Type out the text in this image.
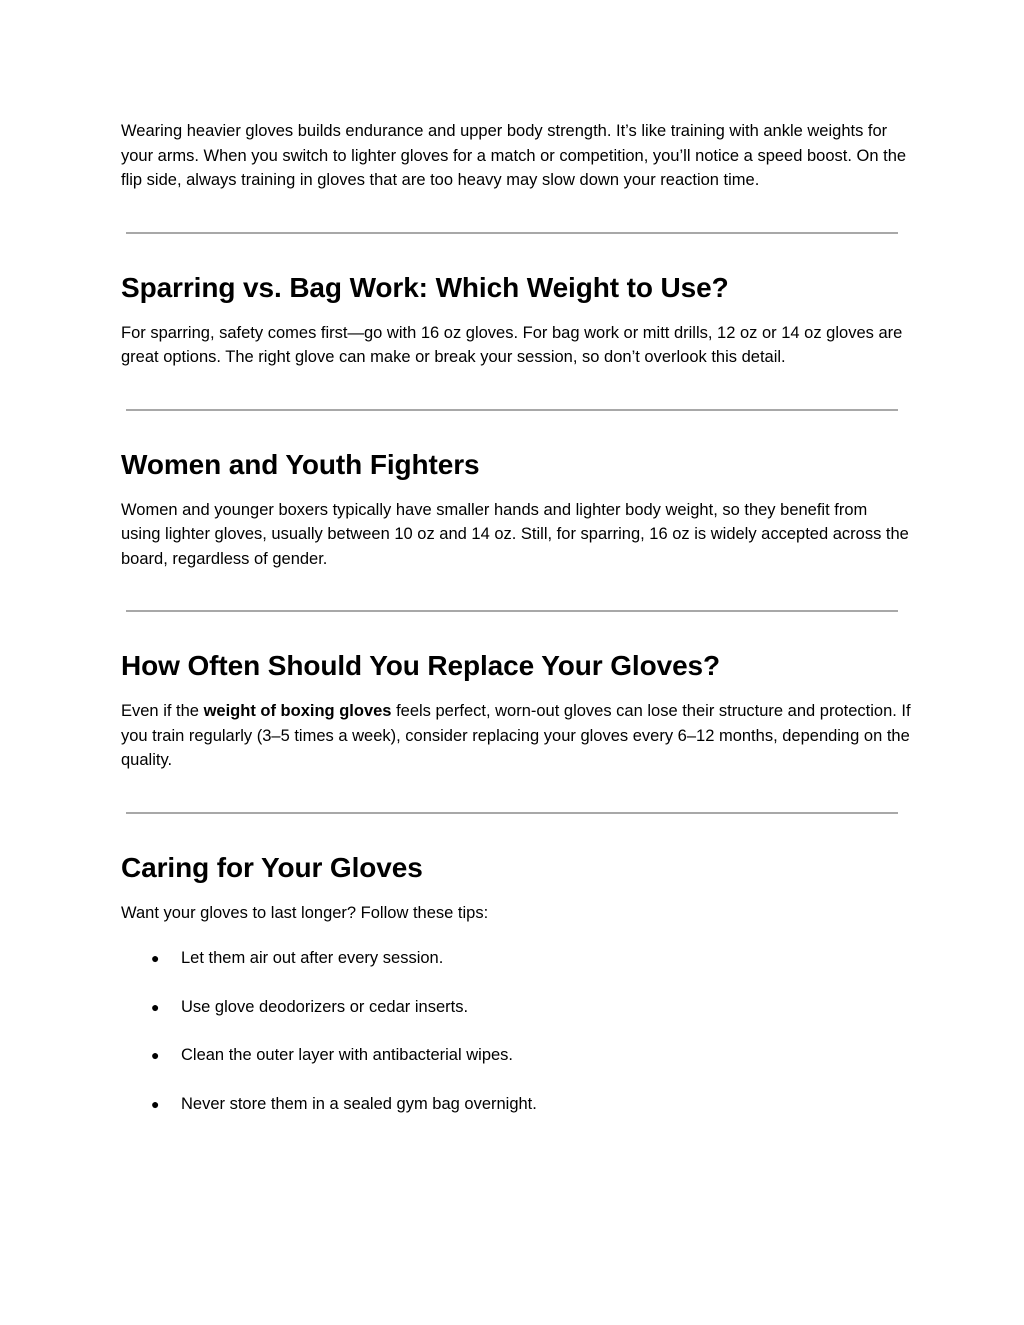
Wearing heavier gloves builds endurance and upper body strength. It’s like training with ankle weights for your arms. When you switch to lighter gloves for a match or competition, you’ll notice a speed boost. On the flip side, always training in gloves that are too heavy may slow down your reaction time.

Sparring vs. Bag Work: Which Weight to Use?

For sparring, safety comes first—go with 16 oz gloves. For bag work or mitt drills, 12 oz or 14 oz gloves are great options. The right glove can make or break your session, so don’t overlook this detail.

Women and Youth Fighters

Women and younger boxers typically have smaller hands and lighter body weight, so they benefit from using lighter gloves, usually between 10 oz and 14 oz. Still, for sparring, 16 oz is widely accepted across the board, regardless of gender.

How Often Should You Replace Your Gloves?

Even if the weight of boxing gloves feels perfect, worn-out gloves can lose their structure and protection. If you train regularly (3–5 times a week), consider replacing your gloves every 6–12 months, depending on the quality.

Caring for Your Gloves

Want your gloves to last longer? Follow these tips:

● Let them air out after every session.
● Use glove deodorizers or cedar inserts.
● Clean the outer layer with antibacterial wipes.
● Never store them in a sealed gym bag overnight.
